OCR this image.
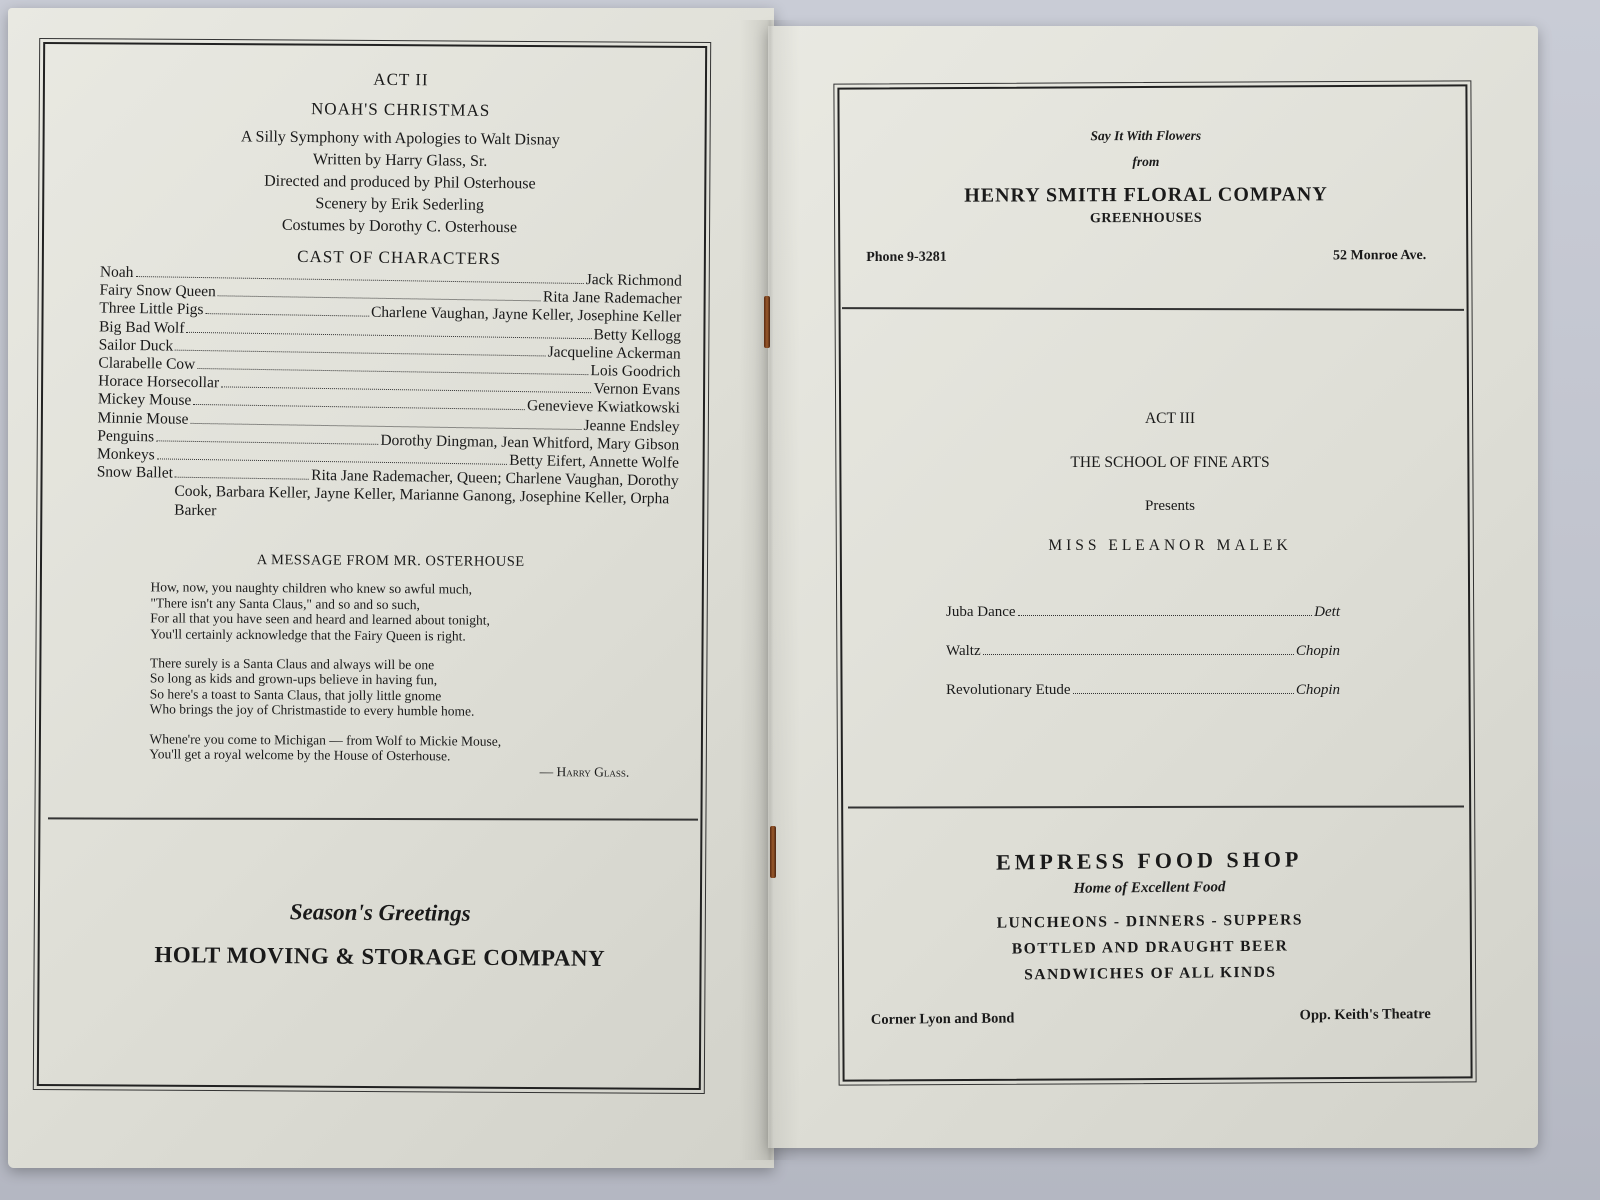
ACT II
NOAH'S CHRISTMAS
A Silly Symphony with Apologies to Walt Disnay
Written by Harry Glass, Sr.
Directed and produced by Phil Osterhouse
Scenery by Erik Sederling
Costumes by Dorothy C. Osterhouse
CAST OF CHARACTERS
Noah	Jack Richmond
Fairy Snow Queen	Rita Jane Rademacher
Three Little Pigs	Charlene Vaughan, Jayne Keller, Josephine Keller
Big Bad Wolf	Betty Kellogg
Sailor Duck	Jacqueline Ackerman
Clarabelle Cow	Lois Goodrich
Horace Horsecollar	Vernon Evans
Mickey Mouse	Genevieve Kwiatkowski
Minnie Mouse	Jeanne Endsley
Penguins	Dorothy Dingman, Jean Whitford, Mary Gibson
Monkeys	Betty Eifert, Annette Wolfe
Snow Ballet	Rita Jane Rademacher, Queen; Charlene Vaughan, Dorothy
Cook, Barbara Keller, Jayne Keller, Marianne Ganong, Josephine Keller, Orpha Barker
A MESSAGE FROM MR. OSTERHOUSE
How, now, you naughty children who knew so awful much,
"There isn't any Santa Claus," and so and so such,
For all that you have seen and heard and learned about tonight,
You'll certainly acknowledge that the Fairy Queen is right.
There surely is a Santa Claus and always will be one
So long as kids and grown-ups believe in having fun,
So here's a toast to Santa Claus, that jolly little gnome
Who brings the joy of Christmastide to every humble home.
Whene're you come to Michigan — from Wolf to Mickie Mouse,
You'll get a royal welcome by the House of Osterhouse.
— Harry Glass.
Season's Greetings
HOLT MOVING & STORAGE COMPANY
Say It With Flowers
from
HENRY SMITH FLORAL COMPANY
GREENHOUSES
Phone 9-3281	52 Monroe Ave.
ACT III
THE SCHOOL OF FINE ARTS
Presents
MISS ELEANOR MALEK
Juba Dance	Dett
Waltz	Chopin
Revolutionary Etude	Chopin
EMPRESS FOOD SHOP
Home of Excellent Food
LUNCHEONS - DINNERS - SUPPERS
BOTTLED AND DRAUGHT BEER
SANDWICHES OF ALL KINDS
Corner Lyon and Bond	Opp. Keith's Theatre
